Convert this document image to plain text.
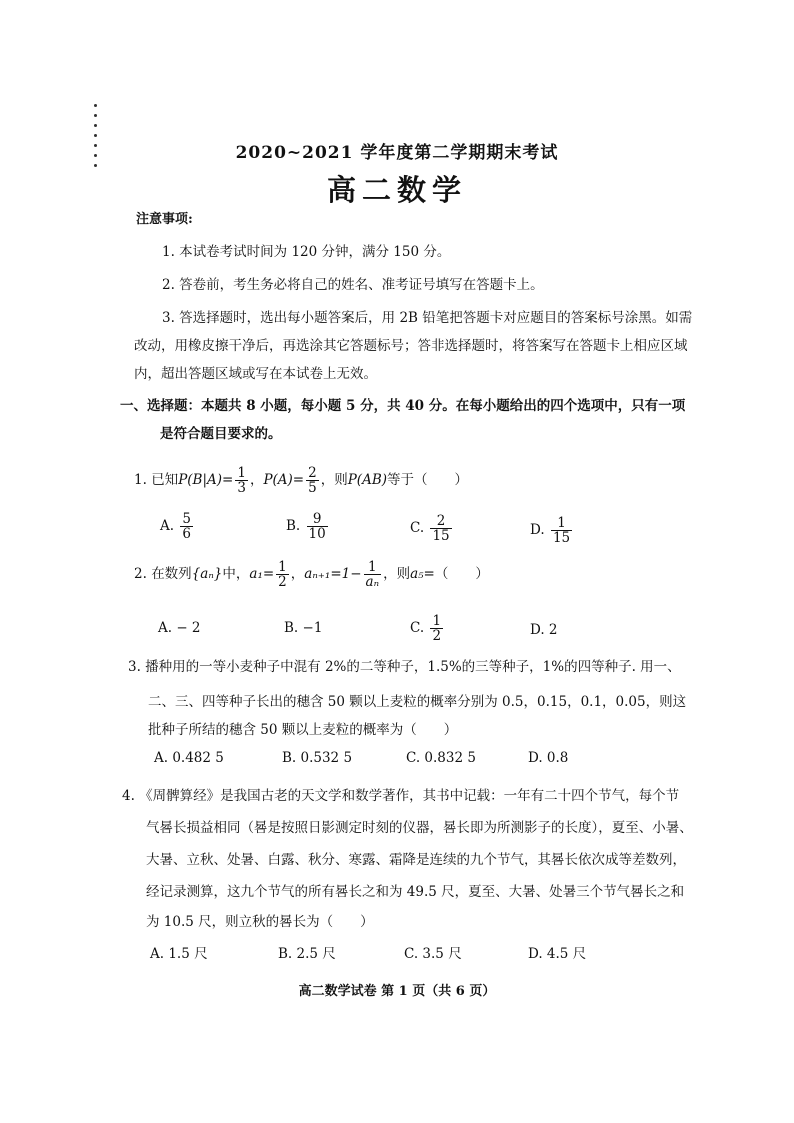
2020~2021 学年度第二学期期末考试
高二数学
注意事项:
1. 本试卷考试时间为 120 分钟，满分 150 分。
2. 答卷前，考生务必将自己的姓名、准考证号填写在答题卡上。
3. 答选择题时，选出每小题答案后，用 2B 铅笔把答题卡对应题目的答案标号涂黑。如需
改动，用橡皮擦干净后，再选涂其它答题标号；答非选择题时，将答案写在答题卡上相应区域
内，超出答题区域或写在本试卷上无效。
一、选择题：本题共 8 小题，每小题 5 分，共 40 分。在每小题给出的四个选项中，只有一项
是符合题目要求的。
1. 已知$P(B|A)= \frac{1}{3}$ ，$P(A)= \frac{2}{5}$ ，则P(AB)等于（　　）
A. $\frac{5}{6}$	B. $\frac{9}{10}$	C. $\frac{2}{15}$	D. $\frac{1}{15}$
2. 在数列{aₙ}中，$a_1= \frac{1}{2}$ ，$a_{n+1}=1- \frac{1}{\text{aₙ}}$ ，则a₅=（　　）
A. − 2	B. −1	C. $\frac{1}{2}$	D. 2
3. 播种用的一等小麦种子中混有 2%的二等种子，1.5%的三等种子，1%的四等种子. 用一、
二、三、四等种子长出的穗含 50 颗以上麦粒的概率分别为 0.5，0.15，0.1，0.05，则这
批种子所结的穗含 50 颗以上麦粒的概率为（　　）
A. 0.482 5	B. 0.532 5	C. 0.832 5	D. 0.8
4. 《周髀算经》是我国古老的天文学和数学著作，其书中记载：一年有二十四个节气，每个节
气晷长损益相同（晷是按照日影测定时刻的仪器，晷长即为所测影子的长度），夏至、小暑、
大暑、立秋、处暑、白露、秋分、寒露、霜降是连续的九个节气，其晷长依次成等差数列，
经记录测算，这九个节气的所有晷长之和为 49.5 尺，夏至、大暑、处暑三个节气晷长之和
为 10.5 尺，则立秋的晷长为（　　）
A. 1.5 尺	B. 2.5 尺	C. 3.5 尺	D. 4.5 尺
高二数学试卷 第 1 页（共 6 页）
